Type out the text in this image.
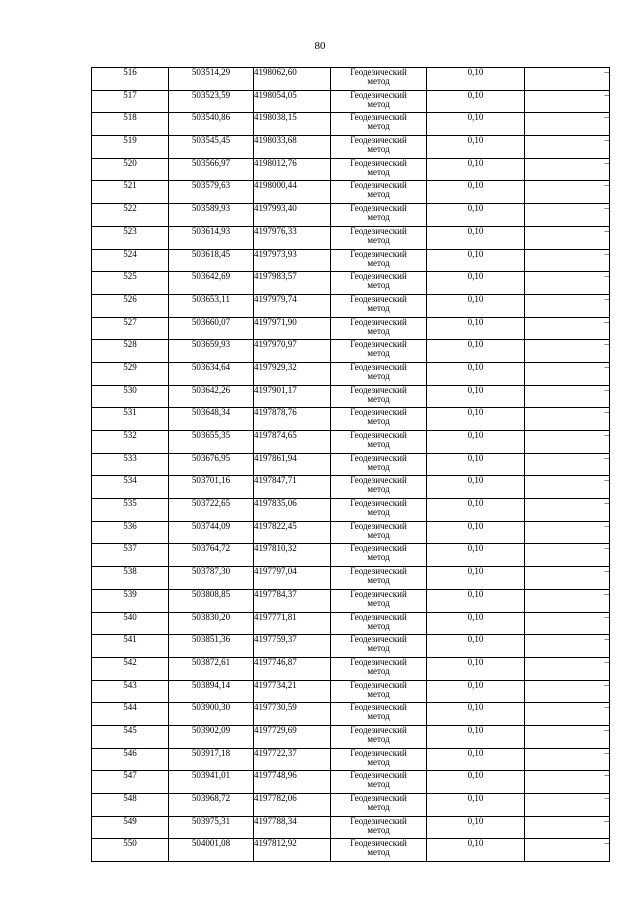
80
516	503514,29	4198062,60	Геодезический
метод	0,10	–
517	503523,59	4198054,05	Геодезический
метод	0,10	–
518	503540,86	4198038,15	Геодезический
метод	0,10	–
519	503545,45	4198033,68	Геодезический
метод	0,10	–
520	503566,97	4198012,76	Геодезический
метод	0,10	–
521	503579,63	4198000,44	Геодезический
метод	0,10	–
522	503589,93	4197993,40	Геодезический
метод	0,10	–
523	503614,93	4197976,33	Геодезический
метод	0,10	–
524	503618,45	4197973,93	Геодезический
метод	0,10	–
525	503642,69	4197983,57	Геодезический
метод	0,10	–
526	503653,11	4197979,74	Геодезический
метод	0,10	–
527	503660,07	4197971,90	Геодезический
метод	0,10	–
528	503659,93	4197970,97	Геодезический
метод	0,10	–
529	503634,64	4197929,32	Геодезический
метод	0,10	–
530	503642,26	4197901,17	Геодезический
метод	0,10	–
531	503648,34	4197878,76	Геодезический
метод	0,10	–
532	503655,35	4197874,65	Геодезический
метод	0,10	–
533	503676,95	4197861,94	Геодезический
метод	0,10	–
534	503701,16	4197847,71	Геодезический
метод	0,10	–
535	503722,65	4197835,06	Геодезический
метод	0,10	–
536	503744,09	4197822,45	Геодезический
метод	0,10	–
537	503764,72	4197810,32	Геодезический
метод	0,10	–
538	503787,30	4197797,04	Геодезический
метод	0,10	–
539	503808,85	4197784,37	Геодезический
метод	0,10	–
540	503830,20	4197771,81	Геодезический
метод	0,10	–
541	503851,36	4197759,37	Геодезический
метод	0,10	–
542	503872,61	4197746,87	Геодезический
метод	0,10	–
543	503894,14	4197734,21	Геодезический
метод	0,10	–
544	503900,30	4197730,59	Геодезический
метод	0,10	–
545	503902,09	4197729,69	Геодезический
метод	0,10	–
546	503917,18	4197722,37	Геодезический
метод	0,10	–
547	503941,01	4197748,96	Геодезический
метод	0,10	–
548	503968,72	4197782,06	Геодезический
метод	0,10	–
549	503975,31	4197788,34	Геодезический
метод	0,10	–
550	504001,08	4197812,92	Геодезический
метод	0,10	–
